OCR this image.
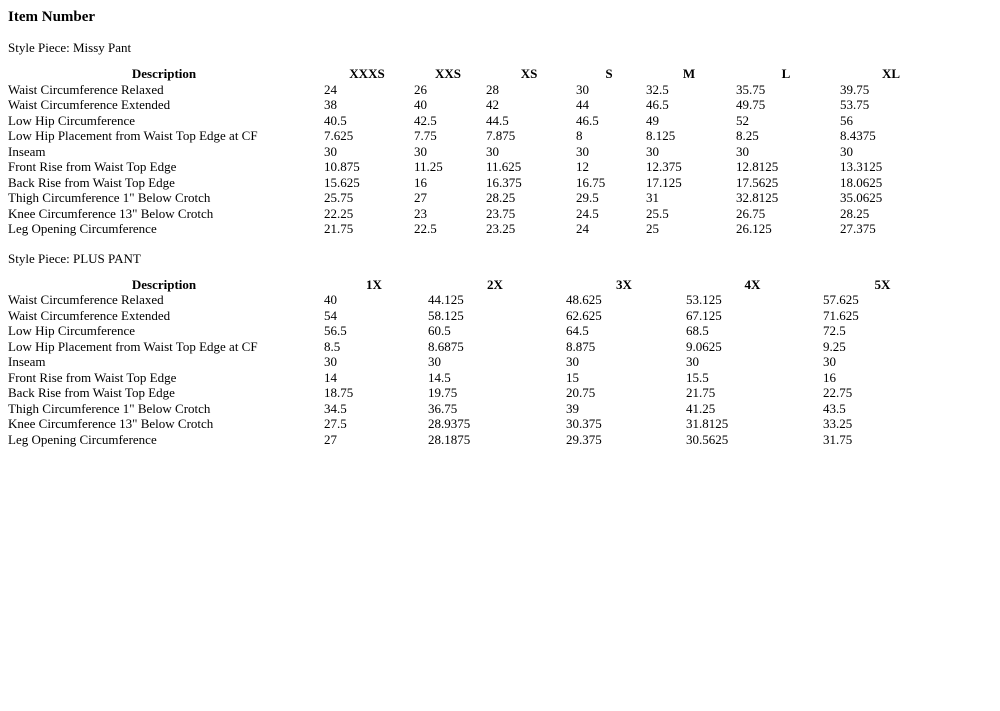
Item Number

Style Piece: Missy Pant

Description	XXXS	XXS	XS	S	M	L	XL
Waist Circumference Relaxed	24	26	28	30	32.5	35.75	39.75
Waist Circumference Extended	38	40	42	44	46.5	49.75	53.75
Low Hip Circumference	40.5	42.5	44.5	46.5	49	52	56
Low Hip Placement from Waist Top Edge at CF	7.625	7.75	7.875	8	8.125	8.25	8.4375
Inseam	30	30	30	30	30	30	30
Front Rise from Waist Top Edge	10.875	11.25	11.625	12	12.375	12.8125	13.3125
Back Rise from Waist Top Edge	15.625	16	16.375	16.75	17.125	17.5625	18.0625
Thigh Circumference 1" Below Crotch	25.75	27	28.25	29.5	31	32.8125	35.0625
Knee Circumference 13" Below Crotch	22.25	23	23.75	24.5	25.5	26.75	28.25
Leg Opening Circumference	21.75	22.5	23.25	24	25	26.125	27.375

Style Piece: PLUS PANT

Description	1X	2X	3X	4X	5X
Waist Circumference Relaxed	40	44.125	48.625	53.125	57.625
Waist Circumference Extended	54	58.125	62.625	67.125	71.625
Low Hip Circumference	56.5	60.5	64.5	68.5	72.5
Low Hip Placement from Waist Top Edge at CF	8.5	8.6875	8.875	9.0625	9.25
Inseam	30	30	30	30	30
Front Rise from Waist Top Edge	14	14.5	15	15.5	16
Back Rise from Waist Top Edge	18.75	19.75	20.75	21.75	22.75
Thigh Circumference 1" Below Crotch	34.5	36.75	39	41.25	43.5
Knee Circumference 13" Below Crotch	27.5	28.9375	30.375	31.8125	33.25
Leg Opening Circumference	27	28.1875	29.375	30.5625	31.75
